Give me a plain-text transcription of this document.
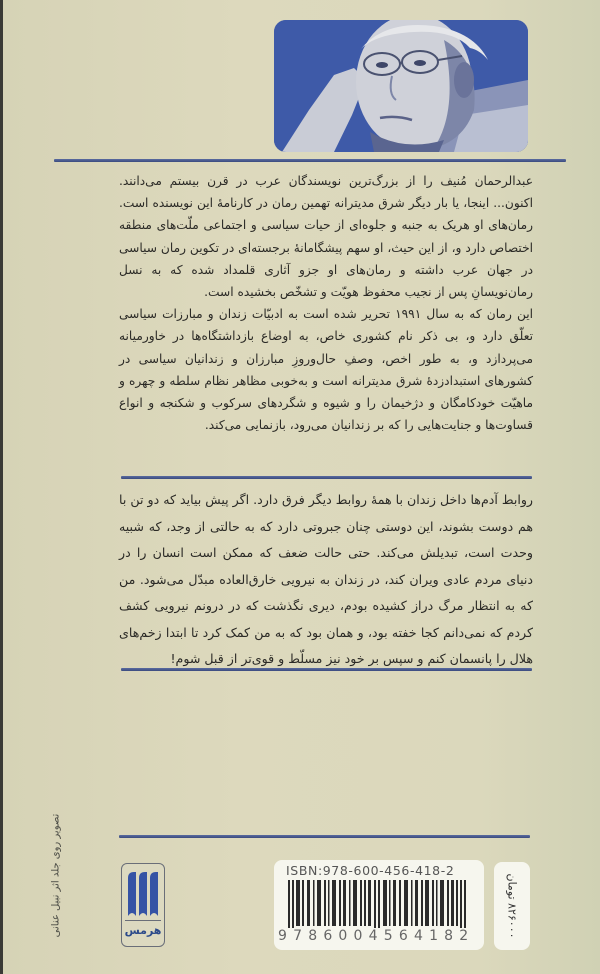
عبدالرحمان مُنیف را از بزرگ‌ترین نویسندگان عرب در قرن بیستم می‌دانند. اکنون... اینجا، یا بار دیگر شرق مدیترانه تهمین رمان در کارنامهٔ این نویسنده است. رمان‌های او هریک به جنبه و جلوه‌ای از حیات سیاسی و اجتماعی ملّت‌های منطقه اختصاص دارد و، از این حیث، او سهم پیشگامانهٔ برجسته‌ای در تکوین رمان سیاسی در جهان عرب داشته و رمان‌های او جزو آثاری قلمداد شده که به نسل رمان‌نویسانِ پس از نجیب محفوظ هویّت و تشخّص بخشیده است.

این رمان که به سال ۱۹۹۱ تحریر شده است به ادبیّات زندان و مبارزات سیاسی تعلّق دارد و، بی ذکر نام کشوری خاص، به اوضاع بازداشتگاه‌ها در خاورمیانه می‌پردازد و، به طور اخص، وصفِ حال‌وروزِ مبارزان و زندانیان سیاسی در کشورهای استبدادزدهٔ شرق مدیترانه است و به‌خوبی مظاهر نظام سلطه و چهره و ماهیّت خودکامگان و دژخیمان را و شیوه و شگردهای سرکوب و شکنجه و انواع قساوت‌ها و جنایت‌هایی را که بر زندانیان می‌رود، بازنمایی می‌کند.

روابط آدم‌ها داخل زندان با همهٔ روابط دیگر فرق دارد. اگر پیش بیاید که دو تن با هم دوست بشوند، این دوستی چنان جبروتی دارد که به حالتی از وجد، که شبیه وحدت است، تبدیلش می‌کند. حتی حالت ضعف که ممکن است انسان را در دنیای مردم عادی ویران کند، در زندان به نیرویی خارق‌العاده مبدّل می‌شود. من که به انتظار مرگ دراز کشیده بودم، دیری نگذشت که در درونم نیرویی کشف کردم که نمی‌دانم کجا خفته بود، و همان بود که به من کمک کرد تا ابتدا زخم‌های هلال را پانسمان کنم و سپس بر خود نیز مسلّط و قوی‌تر از قبل شوم!

تصویر روی جلد اثر نبیل عنانی	هرمس
ISBN:978-600-456-418-2
9786004564182
۸۲۶۰۰۰ تومان
